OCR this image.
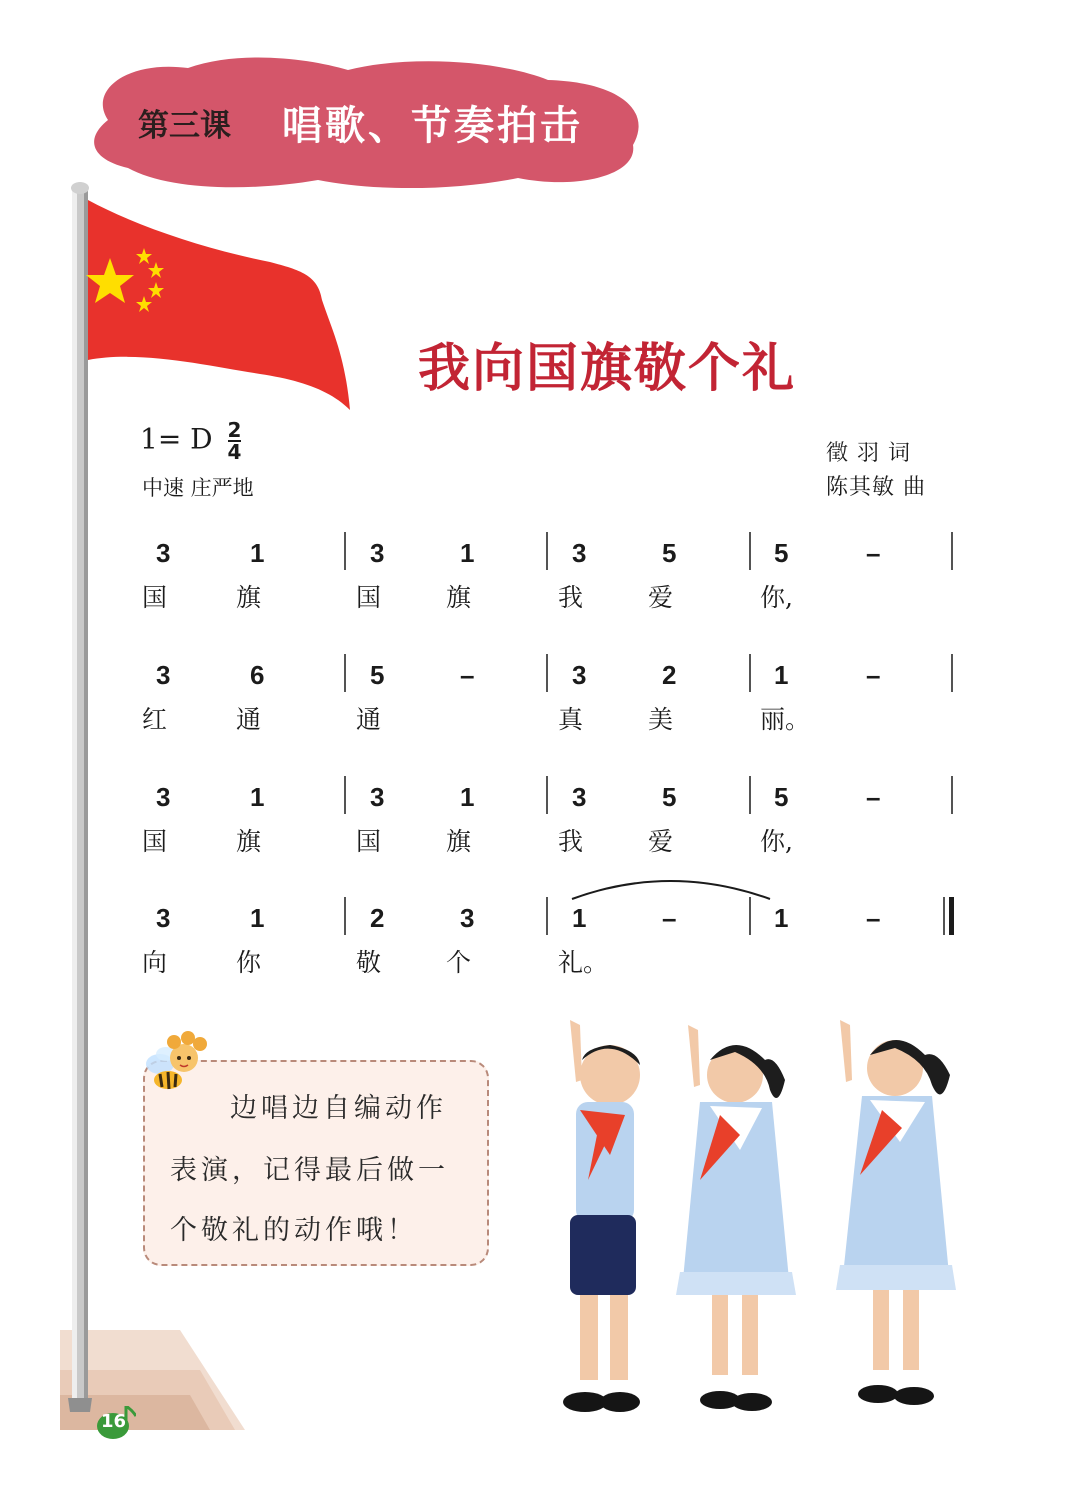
第三课 唱歌、节奏拍击
我向国旗敬个礼
1= D $\frac{2}{4}$
中速 庄严地
徵 羽 词
陈其敏 曲
3	1	3	1	3	5	5	–
国	旗	国	旗	我	爱	你,
3	6	5	–	3	2	1	–
红	通	通	真	美	丽。
3	1	3	1	3	5	5	–
国	旗	国	旗	我	爱	你,
3	1	2	3	1	–	1	–
向	你	敬	个	礼。
边唱边自编动作
表演，记得最后做一
个敬礼的动作哦！
16
